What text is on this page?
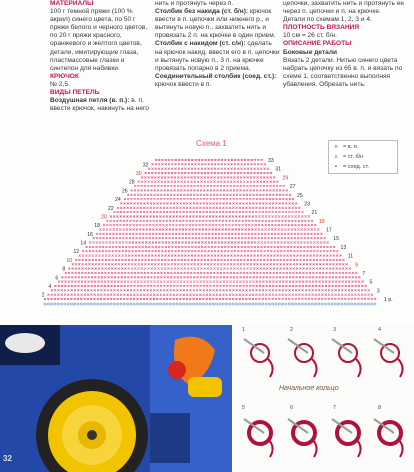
МАТЕРИАЛЫ

100 г темной пряжи (100 % акрил) синего цвета, по 50 г пряжи белого и черного цветов, по 20 г пряжи красного, оранжевого и желтого цветов, детали, имитирующие глаза, пластмассовые глазки и синтепон для набивки.

КРЮЧОК

№ 2,5.

ВИДЫ ПЕТЕЛЬ

Воздушная петля (в. п.): в. п. ввести крючок, накинуть на него

нить и протянуть через п.

Столбик без накида (ст. б/н): крючок ввести в п. цепочки или нижнего р., и вытянуть новую п., захватить нить и провязать 2 п. на крючке в один прием.

Столбик с накидом (ст. с/н): сделать на крючок накид, ввести его в п. цепочки и вытянуть новую п., 3 п. на крючке провязать попарно в 2 приема.

Соединительный столбик (соед. ст.): крючок ввести в п.

цепочки, захватить нить и протянуть ее через п. цепочки и п. на крючке.

Детали по схемам 1, 2, 3 и 4.

ПЛОТНОСТЬ ВЯЗАНИЯ

10 см = 26 ст. б/н.

ОПИСАНИЕ РАБОТЫ
Боковые детали

Вязать 2 детали. Нитью синего цвета набрать цепочку из 65 в. п. и вязать по схеме 1, соответственно выполняя убавления. Обрезать нить.

1 р.
3
5
7
9
11
13
15
17
19
21
23
25
27
29
31
33
2
4
6
8
10
12
14
16
18
20
22
24
26
28
30
32
Схема 1	o = в. п.
x	= ст. б/н
•	= соед. ст.
Начальное кольцо
1	2	3	4
5	6	7	8
32
